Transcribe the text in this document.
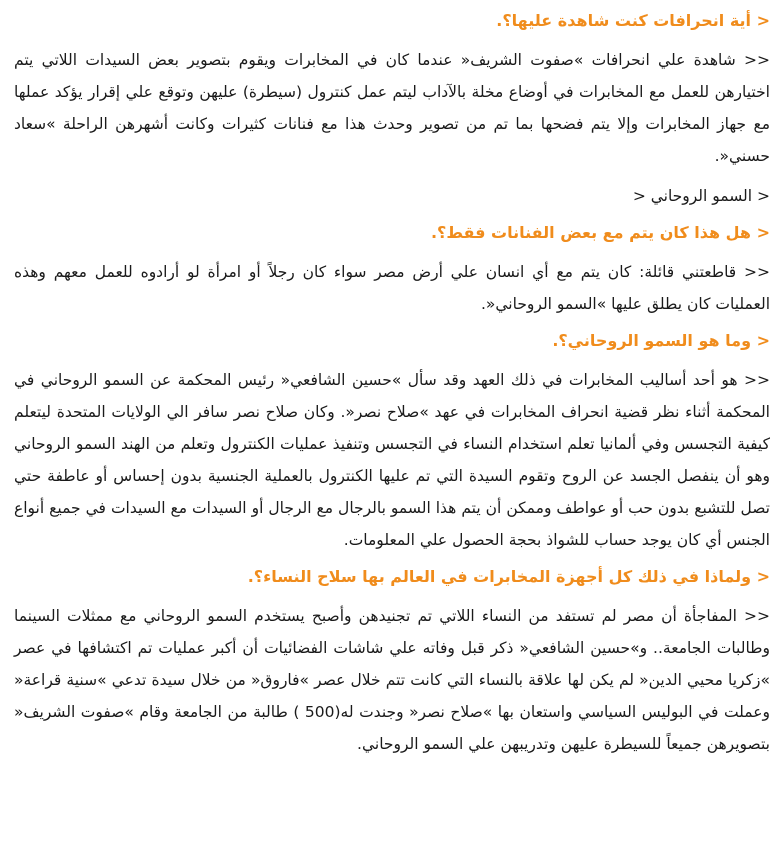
< أية انحرافات كنت شاهدة عليها؟.

<< شاهدة علي انحرافات »صفوت الشريف« عندما كان في المخابرات ويقوم بتصوير بعض السيدات اللاتي يتم اختيارهن للعمل مع المخابرات في أوضاع مخلة بالآداب ليتم عمل كنترول (سيطرة) عليهن وتوقع علي إقرار يؤكد عملها مع جهاز المخابرات وإلا يتم فضحها بما تم من تصوير وحدث هذا مع فنانات كثيرات وكانت أشهرهن الراحلة »سعاد حسني«.

< السمو الروحاني <

< هل هذا كان يتم مع بعض الفنانات فقط؟.

<< قاطعتني قائلة: كان يتم مع أي انسان علي أرض مصر سواء كان رجلاً أو امرأة لو أرادوه للعمل معهم وهذه العمليات كان يطلق عليها »السمو الروحاني«.

< وما هو السمو الروحاني؟.

<< هو أحد أساليب المخابرات في ذلك العهد وقد سأل »حسين الشافعي« رئيس المحكمة عن السمو الروحاني في المحكمة أثناء نظر قضية انحراف المخابرات في عهد »صلاح نصر«. وكان صلاح نصر سافر الي الولايات المتحدة ليتعلم كيفية التجسس وفي ألمانيا تعلم استخدام النساء في التجسس وتنفيذ عمليات الكنترول وتعلم من الهند السمو الروحاني وهو أن ينفصل الجسد عن الروح وتقوم السيدة التي تم عليها الكنترول بالعملية الجنسية بدون إحساس أو عاطفة حتي تصل للتشبع بدون حب أو عواطف وممكن أن يتم هذا السمو بالرجال مع الرجال أو السيدات مع السيدات في جميع أنواع الجنس أي كان يوجد حساب للشواذ بحجة الحصول علي المعلومات.

< ولماذا في ذلك كل أجهزة المخابرات في العالم بها سلاح النساء؟.

<< المفاجأة أن مصر لم تستفد من النساء اللاتي تم تجنيدهن وأصبح يستخدم السمو الروحاني مع ممثلات السينما وطالبات الجامعة.. و»حسين الشافعي« ذكر قبل وفاته علي شاشات الفضائيات أن أكبر عمليات تم اكتشافها في عصر »زكريا محيي الدين« لم يكن لها علاقة بالنساء التي كانت تتم خلال عصر »فاروق« من خلال سيدة تدعي »سنية قراعة« وعملت في البوليس السياسي واستعان بها »صلاح نصر« وجندت له(500 ) طالبة من الجامعة وقام »صفوت الشريف« بتصويرهن جميعاً للسيطرة عليهن وتدريبهن علي السمو الروحاني.
